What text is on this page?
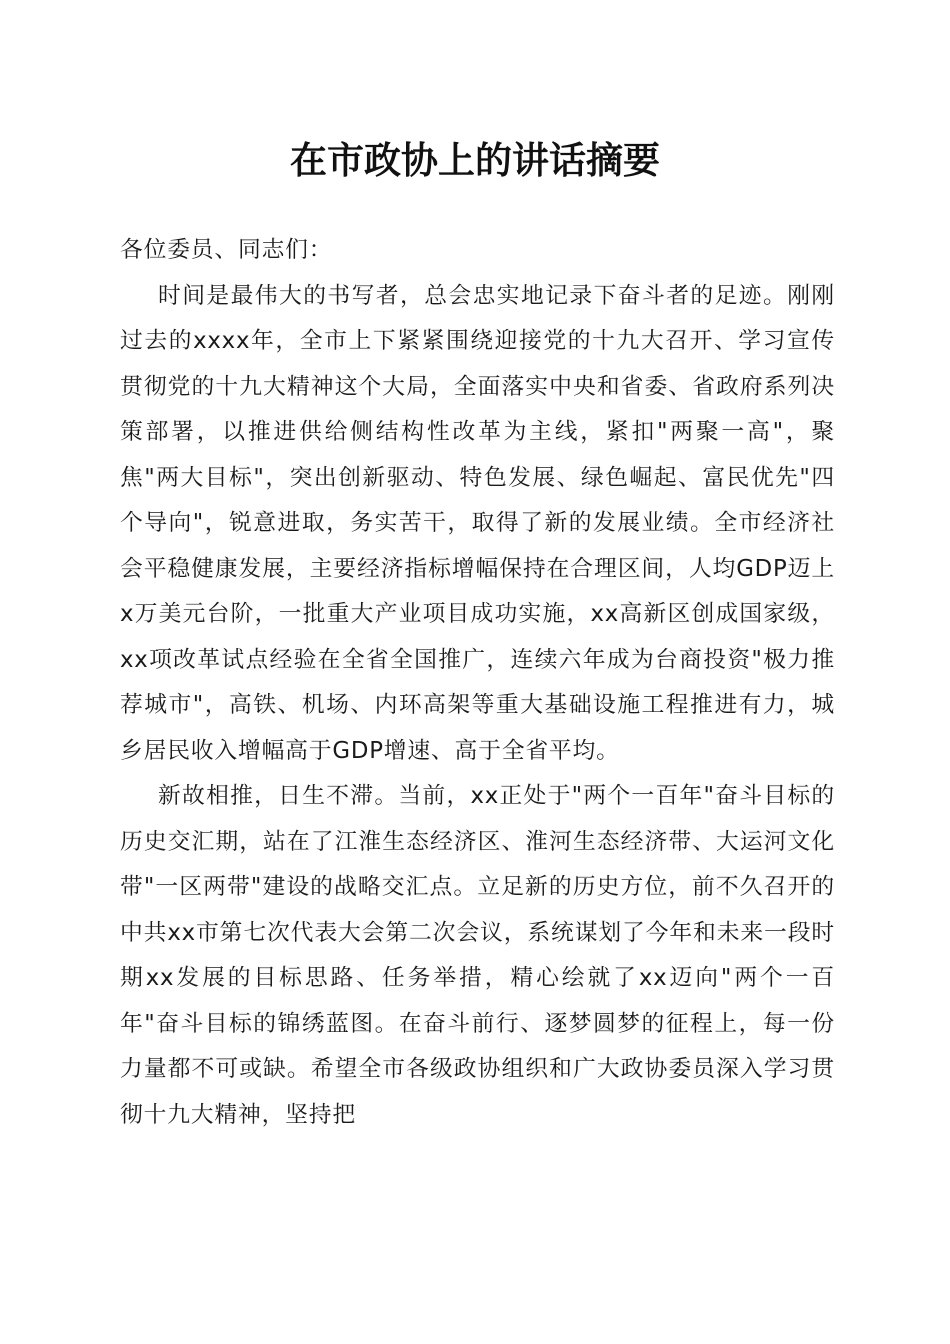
在市政协上的讲话摘要

各位委员、同志们：

时间是最伟大的书写者，总会忠实地记录下奋斗者的足迹。刚刚过去的xxxx年，全市上下紧紧围绕迎接党的十九大召开、学习宣传贯彻党的十九大精神这个大局，全面落实中央和省委、省政府系列决策部署，以推进供给侧结构性改革为主线，紧扣"两聚一高"，聚焦"两大目标"，突出创新驱动、特色发展、绿色崛起、富民优先"四个导向"，锐意进取，务实苦干，取得了新的发展业绩。全市经济社会平稳健康发展，主要经济指标增幅保持在合理区间，人均GDP迈上x万美元台阶，一批重大产业项目成功实施，xx高新区创成国家级，xx项改革试点经验在全省全国推广，连续六年成为台商投资"极力推荐城市"，高铁、机场、内环高架等重大基础设施工程推进有力，城乡居民收入增幅高于GDP增速、高于全省平均。

新故相推，日生不滞。当前，xx正处于"两个一百年"奋斗目标的历史交汇期，站在了江淮生态经济区、淮河生态经济带、大运河文化带"一区两带"建设的战略交汇点。立足新的历史方位，前不久召开的中共xx市第七次代表大会第二次会议，系统谋划了今年和未来一段时期xx发展的目标思路、任务举措，精心绘就了xx迈向"两个一百年"奋斗目标的锦绣蓝图。在奋斗前行、逐梦圆梦的征程上，每一份力量都不可或缺。希望全市各级政协组织和广大政协委员深入学习贯彻十九大精神，坚持把
